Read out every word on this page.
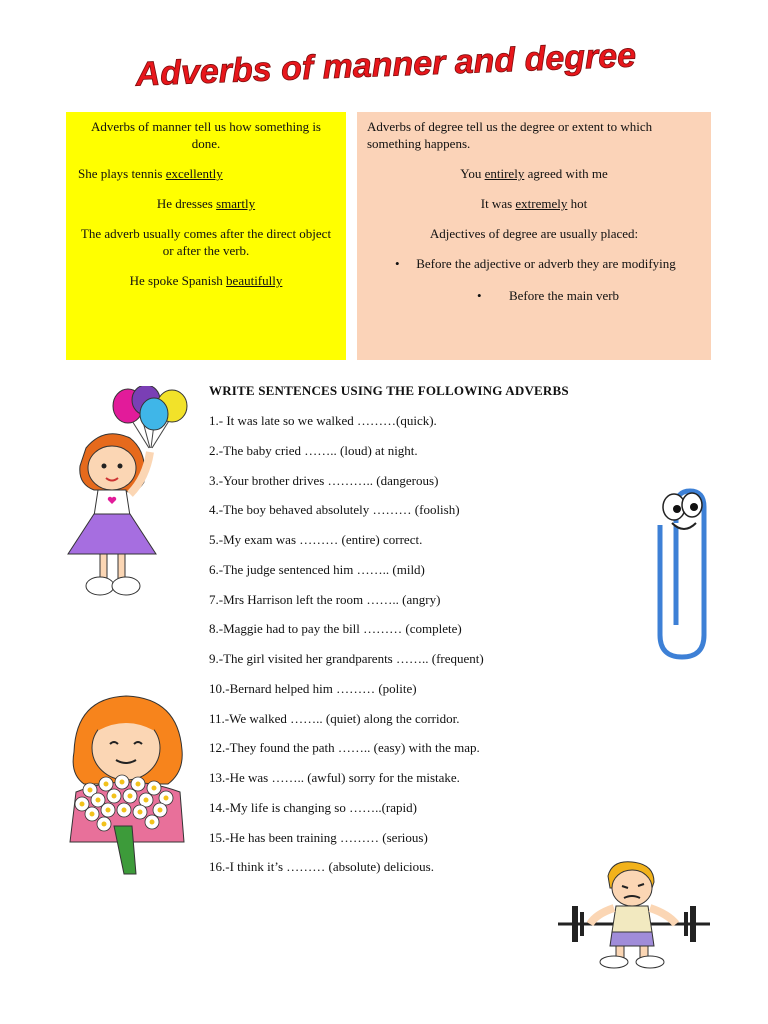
Adverbs of manner and degree

Adverbs of manner tell us how something is done.

She plays tennis excellently

He dresses smartly

The adverb usually comes after the direct object or after the verb.

He spoke Spanish beautifully

Adverbs of degree tell us the degree or extent to which something happens.

You entirely agreed with me

It was extremely hot

Adjectives of degree are usually placed:

• Before the adjective or adverb they are modifying
• Before the main verb
WRITE SENTENCES USING THE FOLLOWING ADVERBS
1.- It was late so we walked ………(quick).
2.-The baby cried …….. (loud) at night.
3.-Your brother drives ……….. (dangerous)
4.-The boy behaved absolutely ……… (foolish)
5.-My exam was ……… (entire) correct.
6.-The judge sentenced him …….. (mild)
7.-Mrs Harrison left the room …….. (angry)
8.-Maggie had to pay the bill ……… (complete)
9.-The girl visited her grandparents …….. (frequent)
10.-Bernard helped him ……… (polite)
11.-We walked …….. (quiet) along the corridor.
12.-They found the path …….. (easy) with the map.
13.-He was …….. (awful) sorry for the mistake.
14.-My life is changing so ……..(rapid)
15.-He has been training ……… (serious)
16.-I think it’s ……… (absolute) delicious.
